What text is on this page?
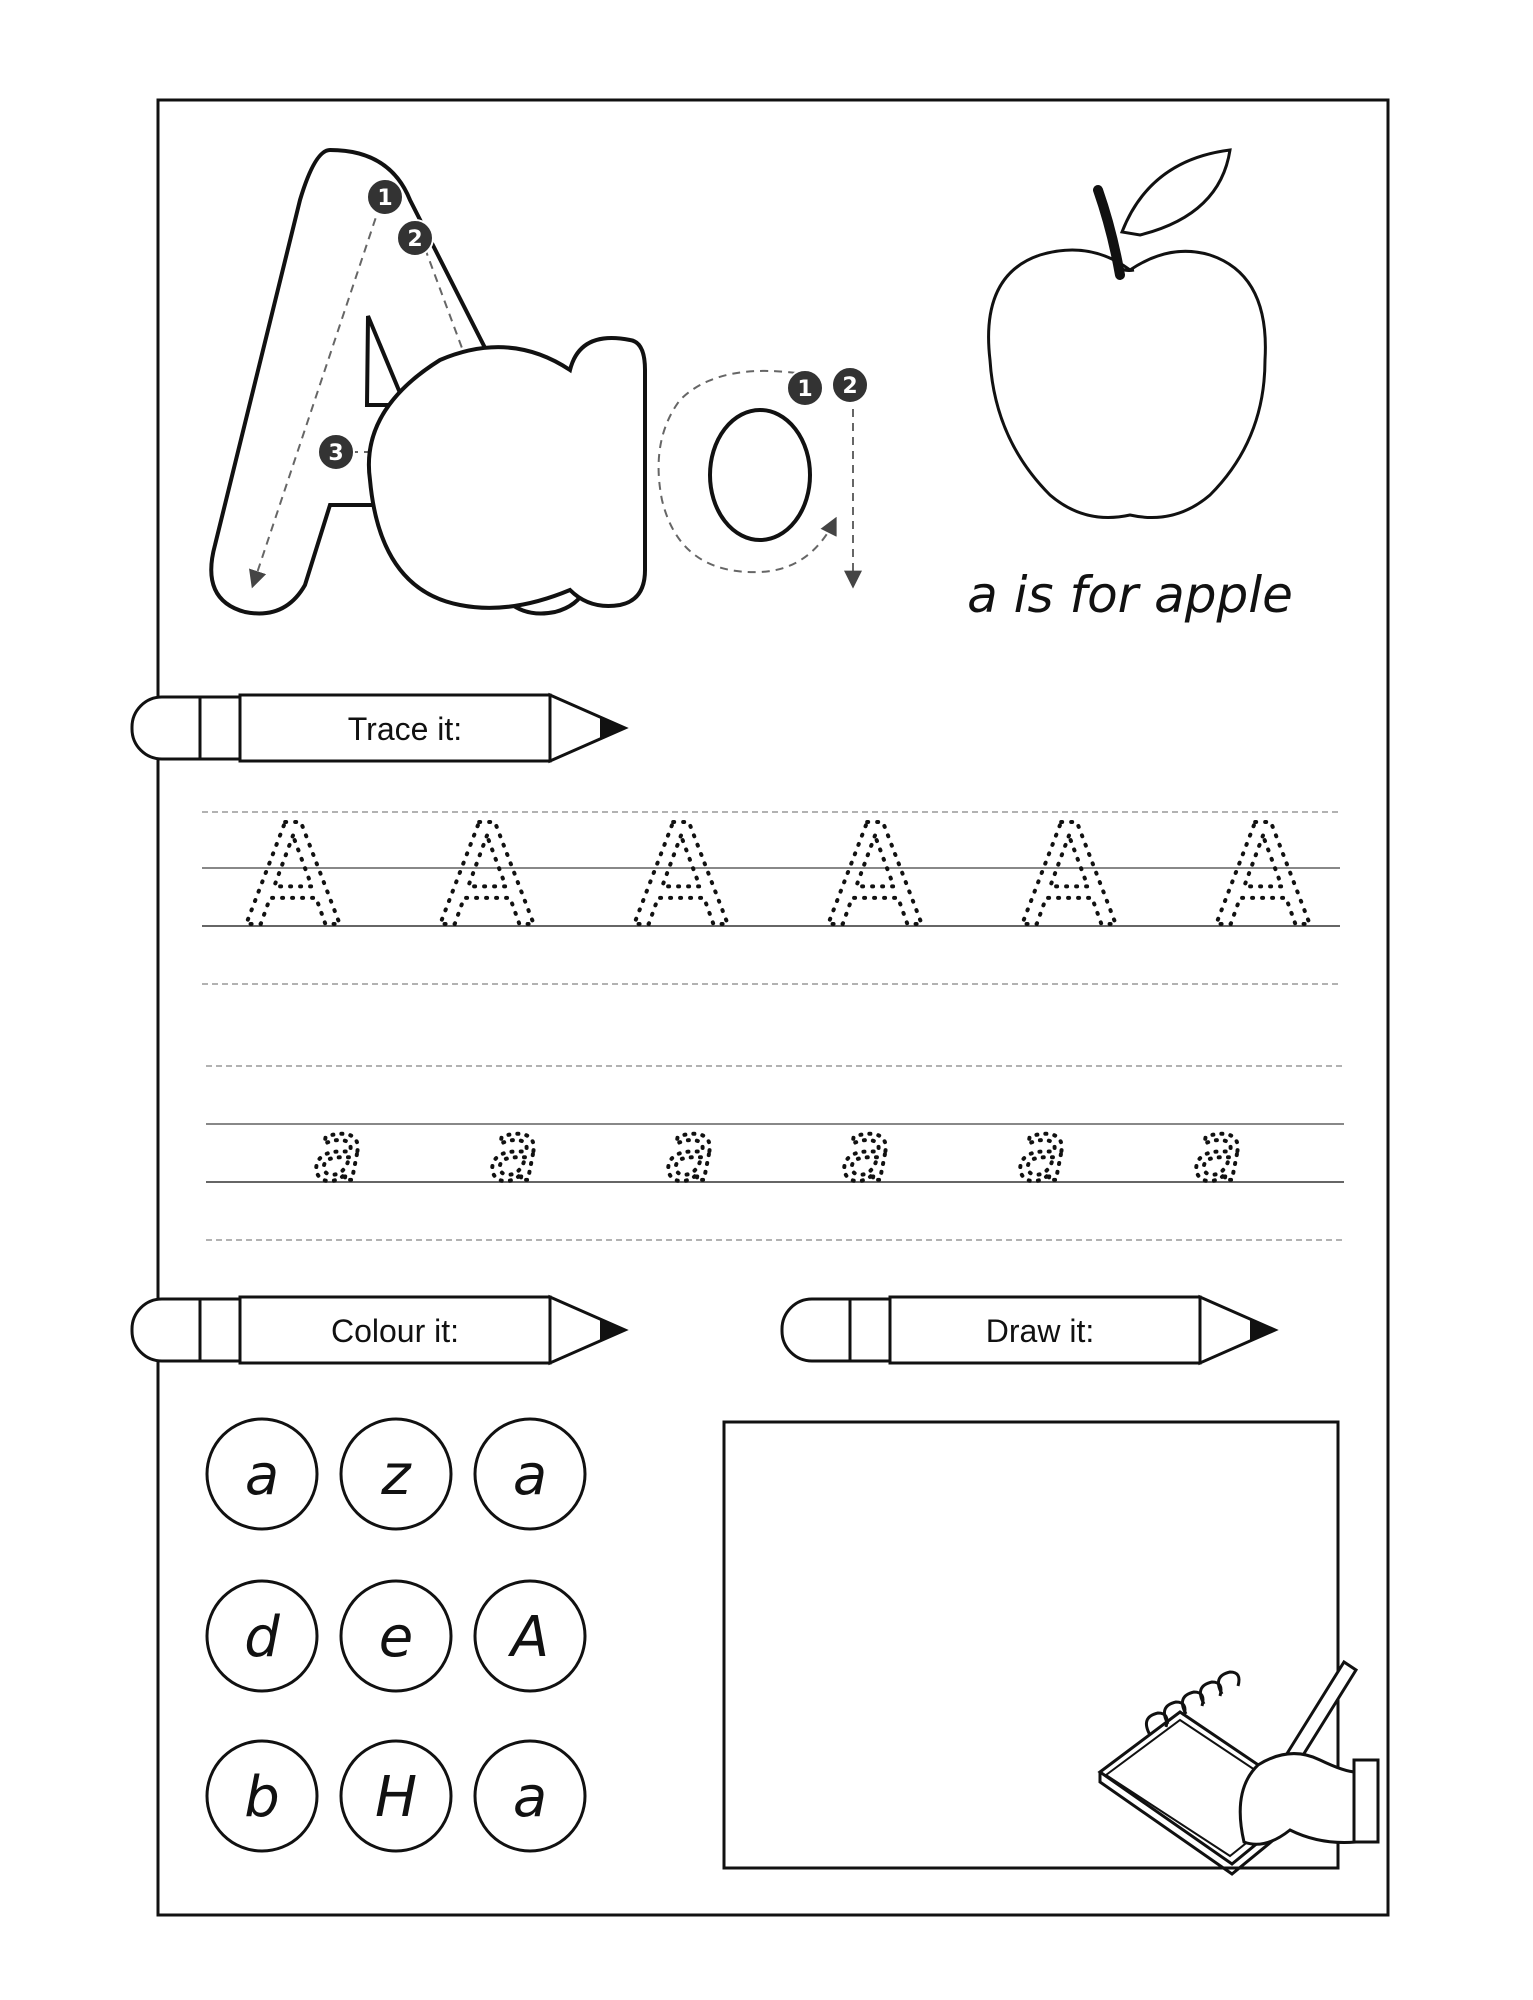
1
2
3
1 2
a is for apple
Trace it:
A A A A A A
a a a a a a
Colour it:	Draw it:
a z a
d e A
b H a
